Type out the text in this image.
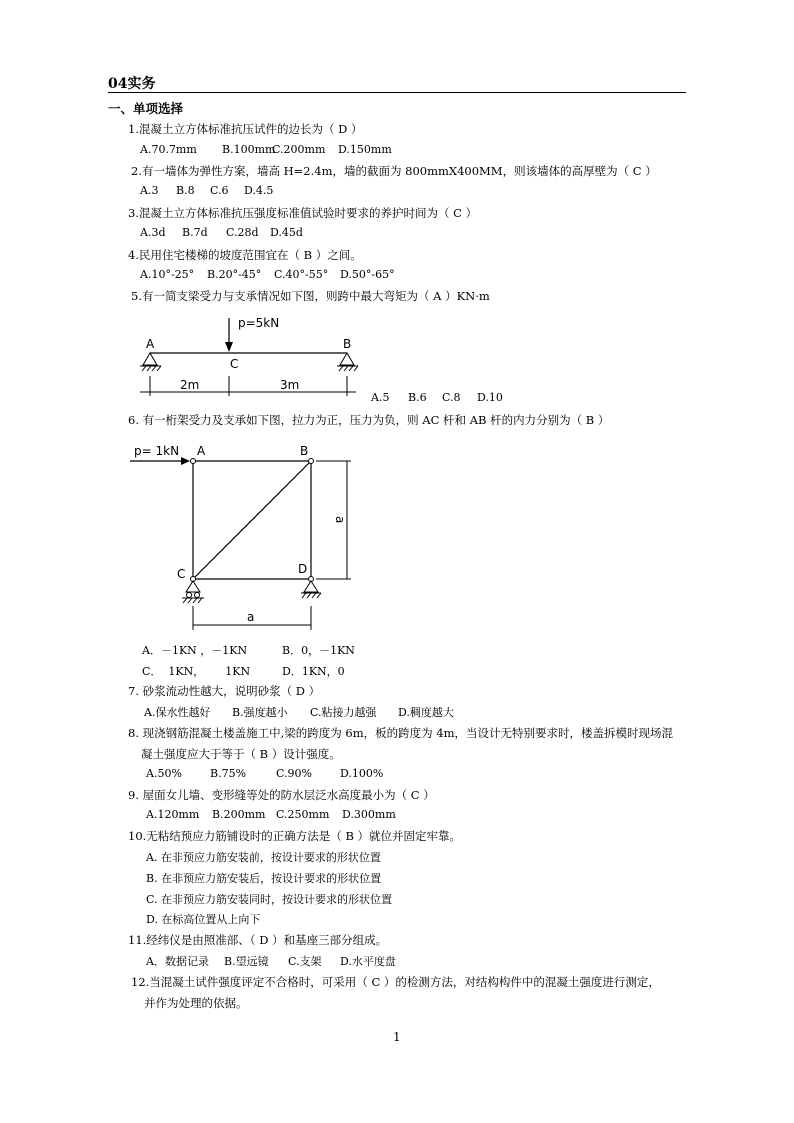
04实务
一、单项选择
1.混凝土立方体标准抗压试件的边长为（ D ）
A.70.7mm B.100mm
C.200mm D.150mm
2.有一墙体为弹性方案，墙高 H=2.4m，墙的截面为 800mmX400MM，则该墙体的高厚壁为（ C ）
A.3 B.8 C.6 D.4.5
3.混凝土立方体标准抗压强度标准值试验时要求的养护时间为（ C ）
A.3d B.7d C.28d D.45d
4.民用住宅楼梯的坡度范围宜在（ B ）之间。
A.10°-25° B.20°-45° C.40°-55° D.50°-65°
5.有一简支梁受力与支承情况如下图，则跨中最大弯矩为（ A ）KN·m
p=5kN
A	B
C
2m	3m
A.5 B.6 C.8 D.10
6. 有一桁架受力及支承如下图，拉力为正，压力为负，则 AC 杆和 AB 杆的内力分别为（ B ）
p= 1kN A	B
C	D
a
a
A．－1KN ，－1KN	B．0，－1KN
C．  1KN，      1KN	D．1KN，0
7. 砂浆流动性越大，说明砂浆（ D ）
A.保水性越好 B.强度越小 C.粘接力越强 D.稠度越大
8. 现浇钢筋混凝土楼盖施工中,梁的跨度为 6m，板的跨度为 4m，当设计无特别要求时，楼盖拆模时现场混
凝土强度应大于等于（ B ）设计强度。
A.50%	B.75%	C.90%	D.100%
9. 屋面女儿墙、变形缝等处的防水层泛水高度最小为（ C ）
A.120mm B.200mm C.250mm D.300mm
10.无粘结预应力筋铺设时的正确方法是（ B ）就位并固定牢靠。
A. 在非预应力筋安装前，按设计要求的形状位置
B. 在非预应力筋安装后，按设计要求的形状位置
C. 在非预应力筋安装同时，按设计要求的形状位置
D. 在标高位置从上向下
11.经纬仪是由照准部、（ D ）和基座三部分组成。
A．数据记录 B.望远镜 C.支架 D.水平度盘
12.当混凝土试件强度评定不合格时，可采用（ C ）的检测方法，对结构构件中的混凝土强度进行测定，
并作为处理的依据。
1
